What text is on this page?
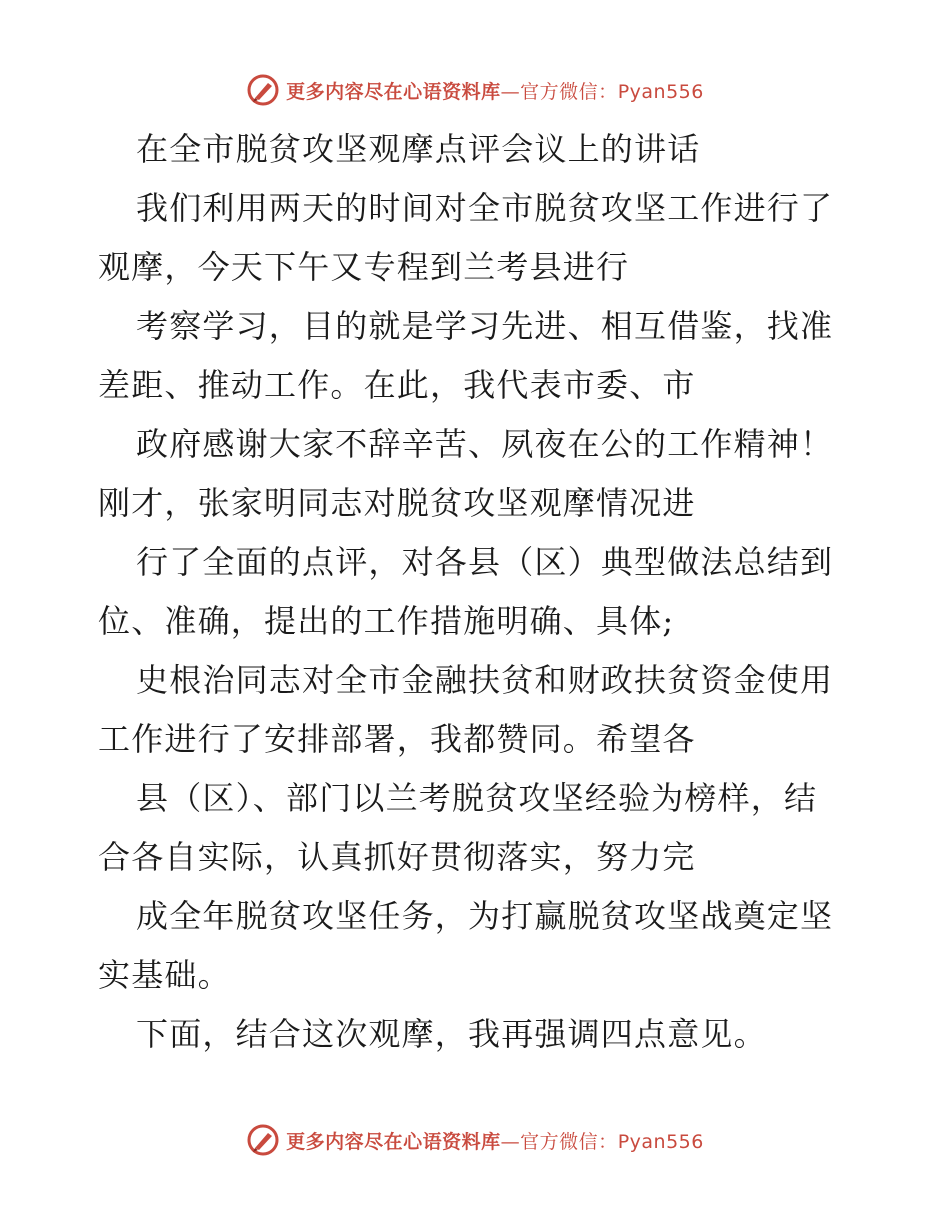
更多内容尽在心语资料库—官方微信：Pyan556
在全市脱贫攻坚观摩点评会议上的讲话
我们利用两天的时间对全市脱贫攻坚工作进行了
观摩，今天下午又专程到兰考县进行
考察学习，目的就是学习先进、相互借鉴，找准
差距、推动工作。在此，我代表市委、市
政府感谢大家不辞辛苦、夙夜在公的工作精神！
刚才，张家明同志对脱贫攻坚观摩情况进
行了全面的点评，对各县（区）典型做法总结到
位、准确，提出的工作措施明确、具体;
史根治同志对全市金融扶贫和财政扶贫资金使用
工作进行了安排部署，我都赞同。希望各
县（区）、部门以兰考脱贫攻坚经验为榜样，结
合各自实际，认真抓好贯彻落实，努力完
成全年脱贫攻坚任务，为打赢脱贫攻坚战奠定坚
实基础。
下面，结合这次观摩，我再强调四点意见。
更多内容尽在心语资料库—官方微信：Pyan556
